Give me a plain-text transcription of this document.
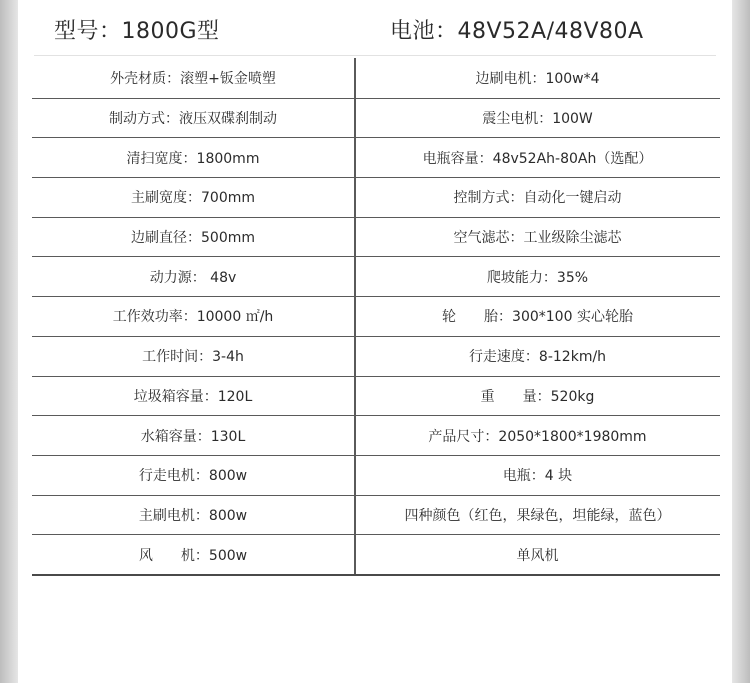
型号：1800G型	电池：48V52A/48V80A
外壳材质：滚塑+钣金喷塑	边刷电机：100w*4
制动方式：液压双碟刹制动	震尘电机：100W
清扫宽度：1800mm	电瓶容量：48v52Ah-80Ah（选配）
主刷宽度：700mm	控制方式：自动化一键启动
边刷直径：500mm	空气滤芯：工业级除尘滤芯
动力源： 48v	爬坡能力：35%
工作效功率：10000 ㎡/h	轮　　胎：300*100 实心轮胎
工作时间：3-4h	行走速度：8-12km/h
垃圾箱容量：120L	重　　量：520kg
水箱容量：130L	产品尺寸：2050*1800*1980mm
行走电机：800w	电瓶：4 块
主刷电机：800w	四种颜色（红色，果绿色，坦能绿，蓝色）
风　　机：500w	单风机
